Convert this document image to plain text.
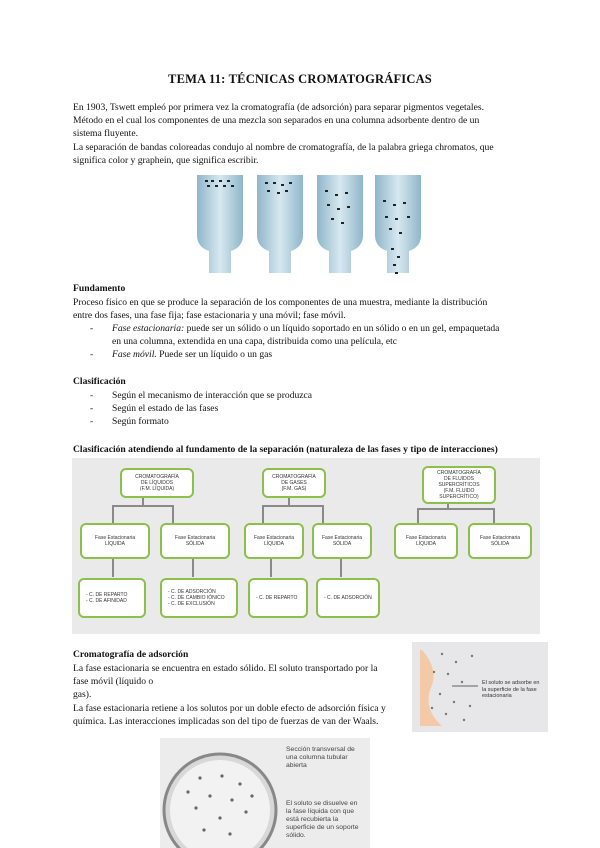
TEMA 11: TÉCNICAS CROMATOGRÁFICAS
En 1903, Tswett empleó por primera vez la cromatografía (de adsorción) para separar pigmentos vegetales.
Método en el cual los componentes de una mezcla son separados en una columna adsorbente dentro de un
sistema fluyente.
La separación de bandas coloreadas condujo al nombre de cromatografía, de la palabra griega chromatos, que
significa color y graphein, que significa escribir.
Fundamento
Proceso físico en que se produce la separación de los componentes de una muestra, mediante la distribución
entre dos fases, una fase fija; fase estacionaria y una móvil; fase móvil.
- Fase estacionaria: puede ser un sólido o un líquido soportado en un sólido o en un gel, empaquetada
en una columna, extendida en una capa, distribuida como una película, etc
- Fase móvil. Puede ser un líquido o un gas
Clasificación
- Según el mecanismo de interacción que se produzca
- Según el estado de las fases
- Según formato
Clasificación atendiendo al fundamento de la separación (naturaleza de las fases y tipo de interacciones)
CROMATOGRAFÍA
DE LÍQUIDOS
(F.M. LÍQUIDA)
CROMATOGRAFÍA
DE GASES
(F.M. GAS)
CROMATOGRAFÍA
DE FLUIDOS SUPERCRÍTICOS
(F.M. FLUIDO SUPERCRÍTICO)
Fase Estacionaria
LÍQUIDA
Fase Estacionaria
SÓLIDA
Fase Estacionaria
LÍQUIDA
Fase Estacionaria
SÓLIDA
Fase Estacionaria
LÍQUIDA
Fase Estacionaria
SÓLIDA
- C. DE REPARTO
- C. DE AFINIDAD
- C. DE ADSORCIÓN
- C. DE CAMBIO IÓNICO
- C. DE EXCLUSIÓN
- C. DE REPARTO	- C. DE ADSORCIÓN
Cromatografía de adsorción
La fase estacionaria se encuentra en estado sólido. El soluto transportado por la
fase móvil (líquido o
gas).
La fase estacionaria retiene a los solutos por un doble efecto de adsorción física y
química. Las interacciones implicadas son del tipo de fuerzas de van der Waals.
El soluto se adsorbe en la superficie de la fase estacionaria
Sección transversal de una columna tubular abierta
El soluto se disuelve en la fase líquida con que está recubierta la superficie de un soporte sólido.
